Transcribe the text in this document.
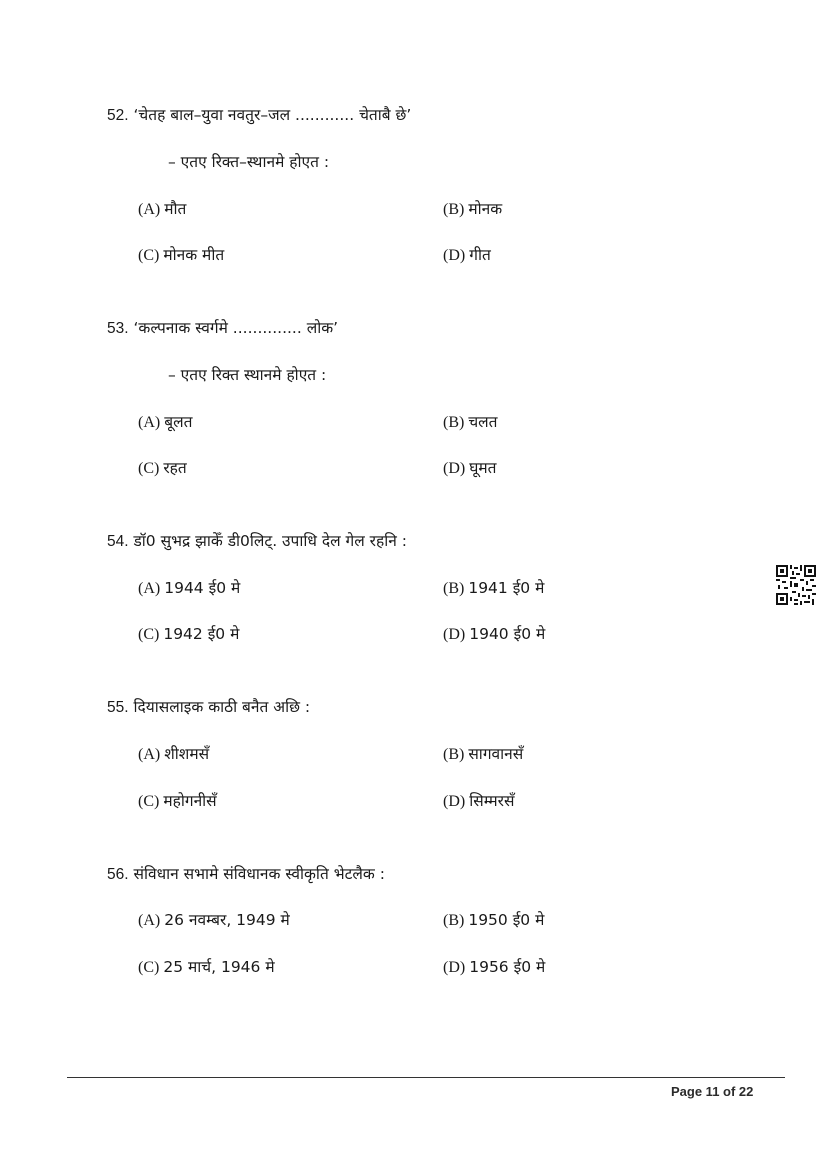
52. ‘चेतह बाल–युवा नवतुर–जल ............ चेताबै छे’
– एतए रिक्त–स्थानमे होएत :
(A) मौत	(B) मोनक
(C) मोनक मीत	(D) गीत
53. ‘कल्पनाक स्वर्गमे .............. लोक’
– एतए रिक्त स्थानमे होएत :
(A) बूलत	(B) चलत
(C) रहत	(D) घूमत
54. डॉ0 सुभद्र झाकेँ डी0लिट्. उपाधि देल गेल रहनि :
(A) 1944 ई0 मे	(B) 1941 ई0 मे
(C) 1942 ई0 मे	(D) 1940 ई0 मे
55. दियासलाइक काठी बनैत अछि :
(A) शीशमसँ	(B) सागवानसँ
(C) महोगनीसँ	(D) सिम्मरसँ
56. संविधान सभामे संविधानक स्वीकृति भेटलैक :
(A) 26 नवम्बर, 1949 मे	(B) 1950 ई0 मे
(C) 25 मार्च, 1946 मे	(D) 1956 ई0 मे
Page 11 of 22
